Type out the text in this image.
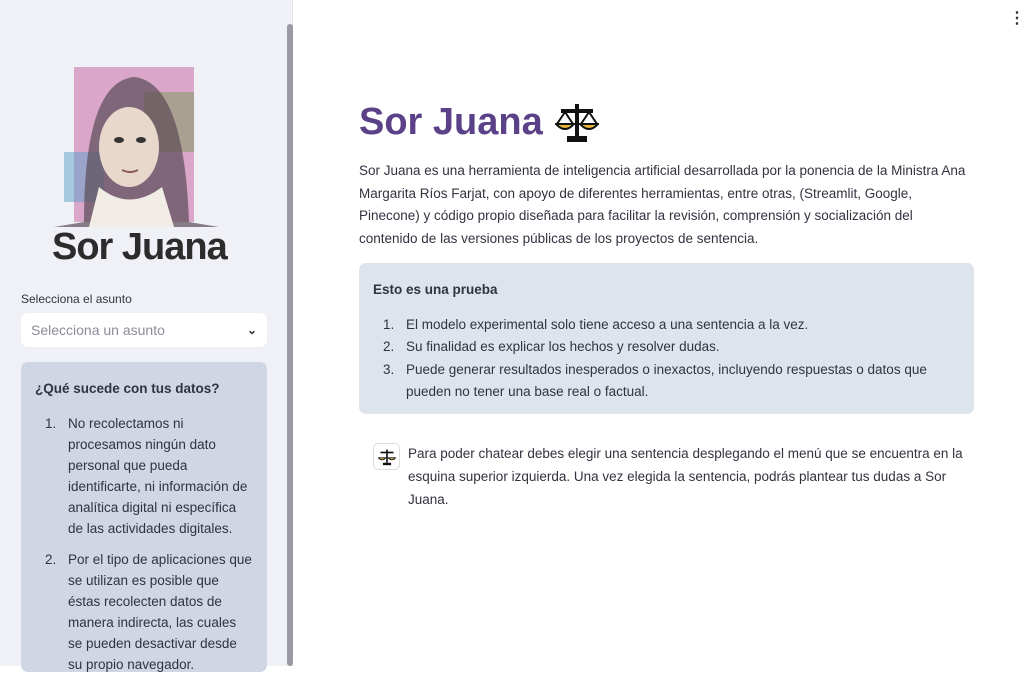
Sor Juana
Selecciona el asunto
Selecciona un asunto	⌄
¿Qué sucede con tus datos?
1. No recolectamos ni procesamos ningún dato personal que pueda identificarte, ni información de analítica digital ni específica de las actividades digitales.
2. Por el tipo de aplicaciones que se utilizan es posible que éstas recolecten datos de manera indirecta, las cuales se pueden desactivar desde su propio navegador.
⋮
Sor Juana

Sor Juana es una herramienta de inteligencia artificial desarrollada por la ponencia de la Ministra Ana Margarita Ríos Farjat, con apoyo de diferentes herramientas, entre otras, (Streamlit, Google, Pinecone) y código propio diseñada para facilitar la revisión, comprensión y socialización del contenido de las versiones públicas de los proyectos de sentencia.

Esto es una prueba
1. El modelo experimental solo tiene acceso a una sentencia a la vez.
2. Su finalidad es explicar los hechos y resolver dudas.
3. Puede generar resultados inesperados o inexactos, incluyendo respuestas o datos que pueden no tener una base real o factual.

Para poder chatear debes elegir una sentencia desplegando el menú que se encuentra en la esquina superior izquierda. Una vez elegida la sentencia, podrás plantear tus dudas a Sor Juana.
